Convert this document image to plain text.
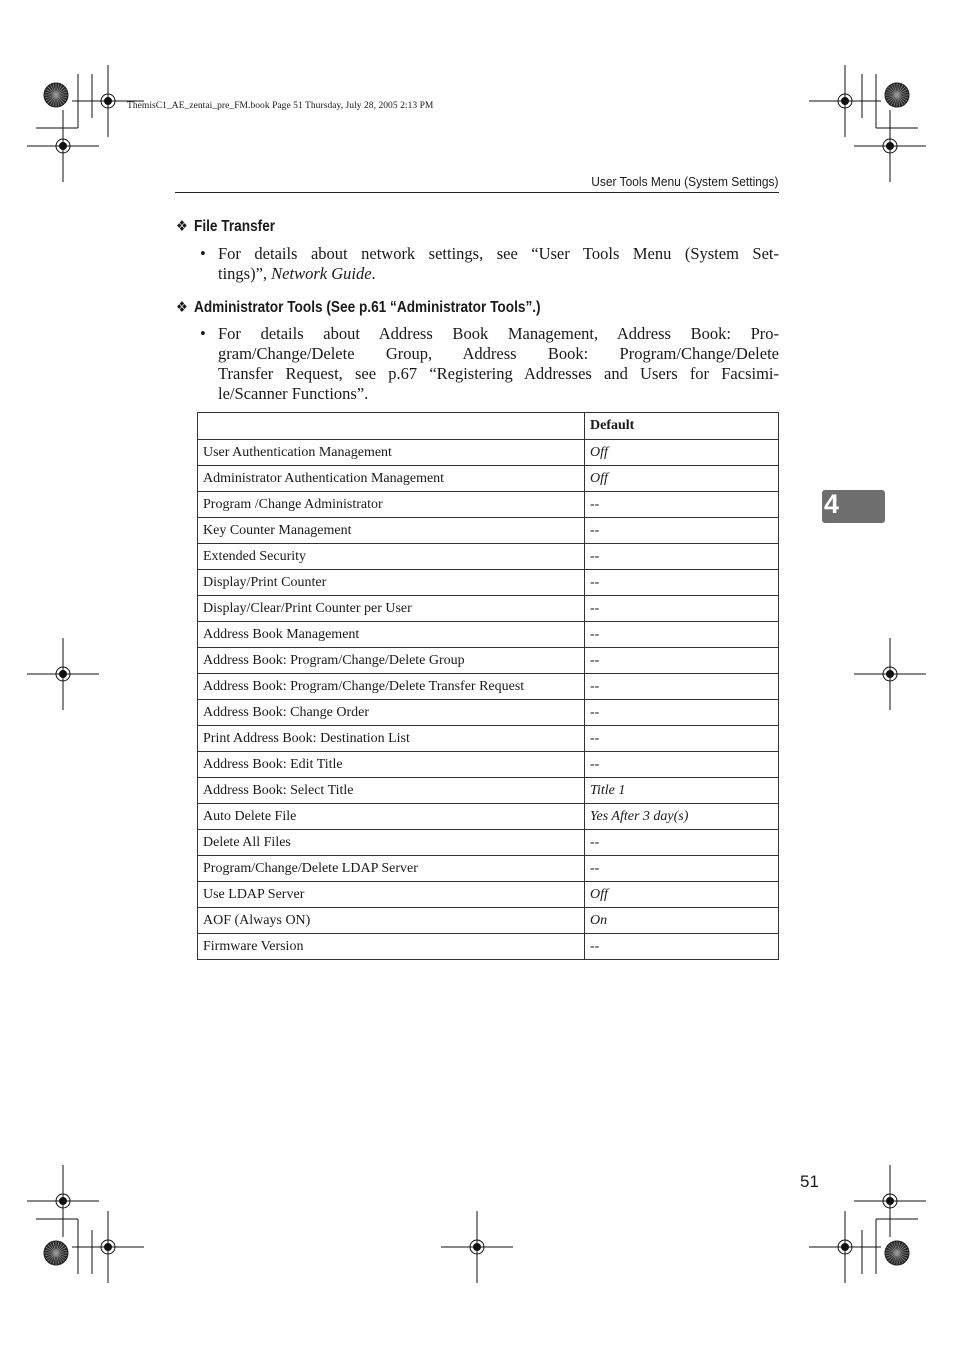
ThemisC1_AE_zentai_pre_FM.book Page 51 Thursday, July 28, 2005 2:13 PM
User Tools Menu (System Settings)
❖ File Transfer
• For details about network settings, see “User Tools Menu (System Set-
tings)”, Network Guide.
❖ Administrator Tools (See p.61 “Administrator Tools”.)
• For details about Address Book Management, Address Book: Pro-
gram/Change/Delete Group, Address Book: Program/Change/Delete
Transfer Request, see p.67 “Registering Addresses and Users for Facsimi-
le/Scanner Functions”.
	Default
User Authentication Management	Off
Administrator Authentication Management	Off
Program /Change Administrator	--
Key Counter Management	--
Extended Security	--
Display/Print Counter	--
Display/Clear/Print Counter per User	--
Address Book Management	--
Address Book: Program/Change/Delete Group	--
Address Book: Program/Change/Delete Transfer Request	--
Address Book: Change Order	--
Print Address Book: Destination List	--
Address Book: Edit Title	--
Address Book: Select Title	Title 1
Auto Delete File	Yes After 3 day(s)
Delete All Files	--
Program/Change/Delete LDAP Server	--
Use LDAP Server	Off
AOF (Always ON)	On
Firmware Version	--
4
51
